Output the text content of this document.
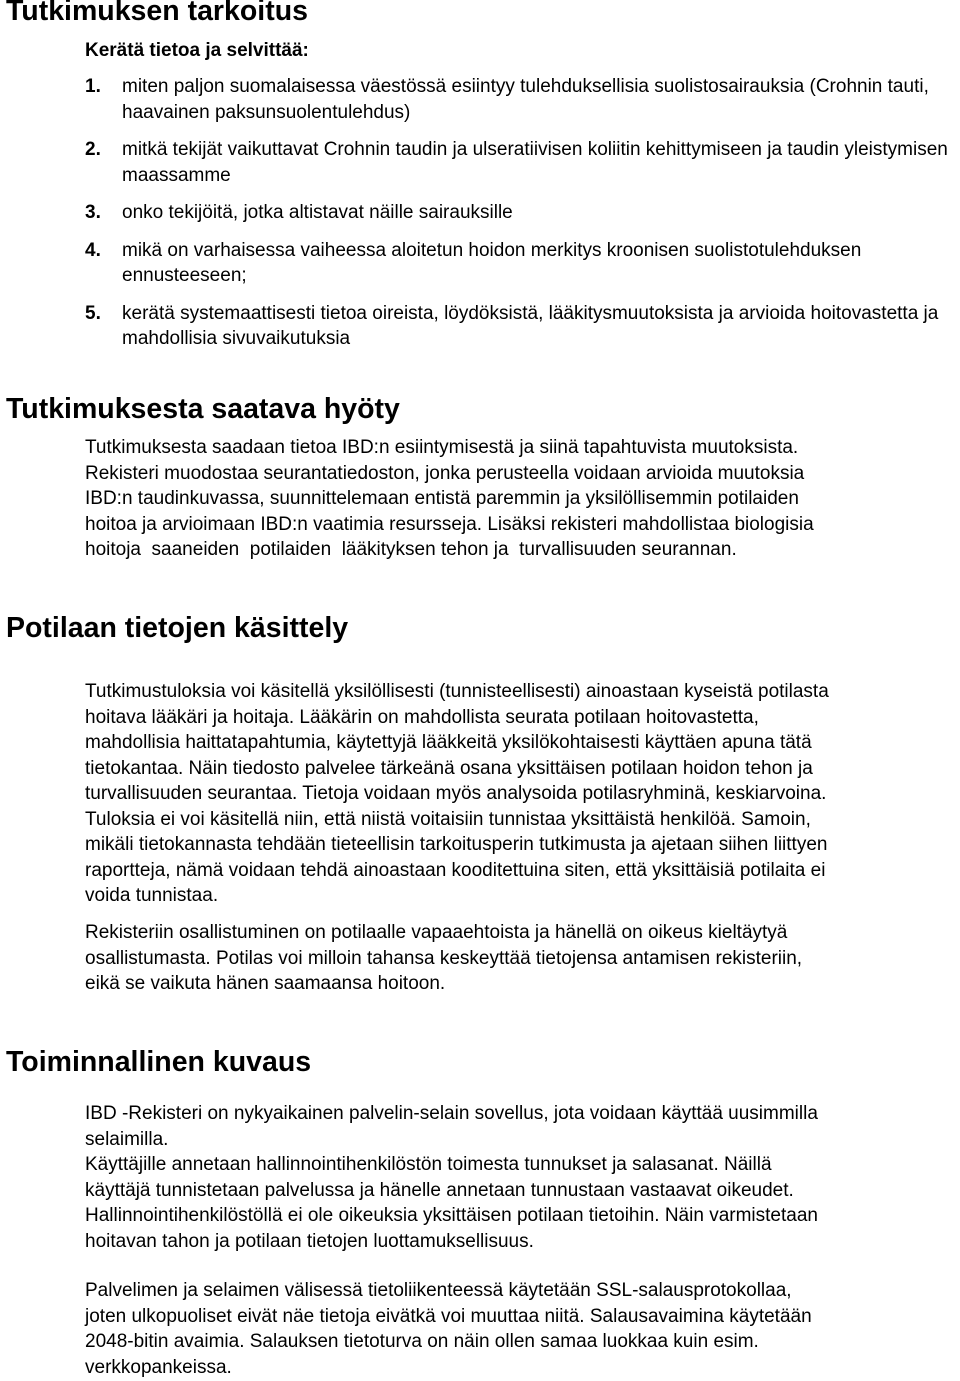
Tutkimuksen tarkoitus
Kerätä tietoa ja selvittää:
1. miten paljon suomalaisessa väestössä esiintyy tulehduksellisia suolistosairauksia (Crohnin tauti, haavainen paksunsuolentulehdus)
2. mitkä tekijät vaikuttavat Crohnin taudin ja ulseratiivisen koliitin kehittymiseen ja taudin yleistymisen maassamme
3. onko tekijöitä, jotka altistavat näille sairauksille
4. mikä on varhaisessa vaiheessa aloitetun hoidon merkitys kroonisen suolistotulehduksen ennusteeseen;
5. kerätä systemaattisesti tietoa oireista, löydöksistä, lääkitysmuutoksista ja arvioida hoitovastetta ja mahdollisia sivuvaikutuksia
Tutkimuksesta saatava hyöty
Tutkimuksesta saadaan tietoa IBD:n esiintymisestä ja siinä tapahtuvista muutoksista.
Rekisteri muodostaa seurantatiedoston, jonka perusteella voidaan arvioida muutoksia
IBD:n taudinkuvassa, suunnittelemaan entistä paremmin ja yksilöllisemmin potilaiden
hoitoa ja arvioimaan IBD:n vaatimia resursseja. Lisäksi rekisteri mahdollistaa biologisia
hoitoja  saaneiden  potilaiden  lääkityksen tehon ja  turvallisuuden seurannan.
Potilaan tietojen käsittely
Tutkimustuloksia voi käsitellä yksilöllisesti (tunnisteellisesti) ainoastaan kyseistä potilasta
hoitava lääkäri ja hoitaja. Lääkärin on mahdollista seurata potilaan hoitovastetta,
mahdollisia haittatapahtumia, käytettyjä lääkkeitä yksilökohtaisesti käyttäen apuna tätä
tietokantaa. Näin tiedosto palvelee tärkeänä osana yksittäisen potilaan hoidon tehon ja
turvallisuuden seurantaa. Tietoja voidaan myös analysoida potilasryhminä, keskiarvoina.
Tuloksia ei voi käsitellä niin, että niistä voitaisiin tunnistaa yksittäistä henkilöä. Samoin,
mikäli tietokannasta tehdään tieteellisin tarkoitusperin tutkimusta ja ajetaan siihen liittyen
raportteja, nämä voidaan tehdä ainoastaan kooditettuina siten, että yksittäisiä potilaita ei
voida tunnistaa.
Rekisteriin osallistuminen on potilaalle vapaaehtoista ja hänellä on oikeus kieltäytyä
osallistumasta. Potilas voi milloin tahansa keskeyttää tietojensa antamisen rekisteriin,
eikä se vaikuta hänen saamaansa hoitoon.
Toiminnallinen kuvaus
IBD -Rekisteri on nykyaikainen palvelin-selain sovellus, jota voidaan käyttää uusimmilla
selaimilla.
Käyttäjille annetaan hallinnointihenkilöstön toimesta tunnukset ja salasanat. Näillä
käyttäjä tunnistetaan palvelussa ja hänelle annetaan tunnustaan vastaavat oikeudet.
Hallinnointihenkilöstöllä ei ole oikeuksia yksittäisen potilaan tietoihin. Näin varmistetaan
hoitavan tahon ja potilaan tietojen luottamuksellisuus.
Palvelimen ja selaimen välisessä tietoliikenteessä käytetään SSL-salausprotokollaa,
joten ulkopuoliset eivät näe tietoja eivätkä voi muuttaa niitä. Salausavaimina käytetään
2048-bitin avaimia. Salauksen tietoturva on näin ollen samaa luokkaa kuin esim.
verkkopankeissa.
